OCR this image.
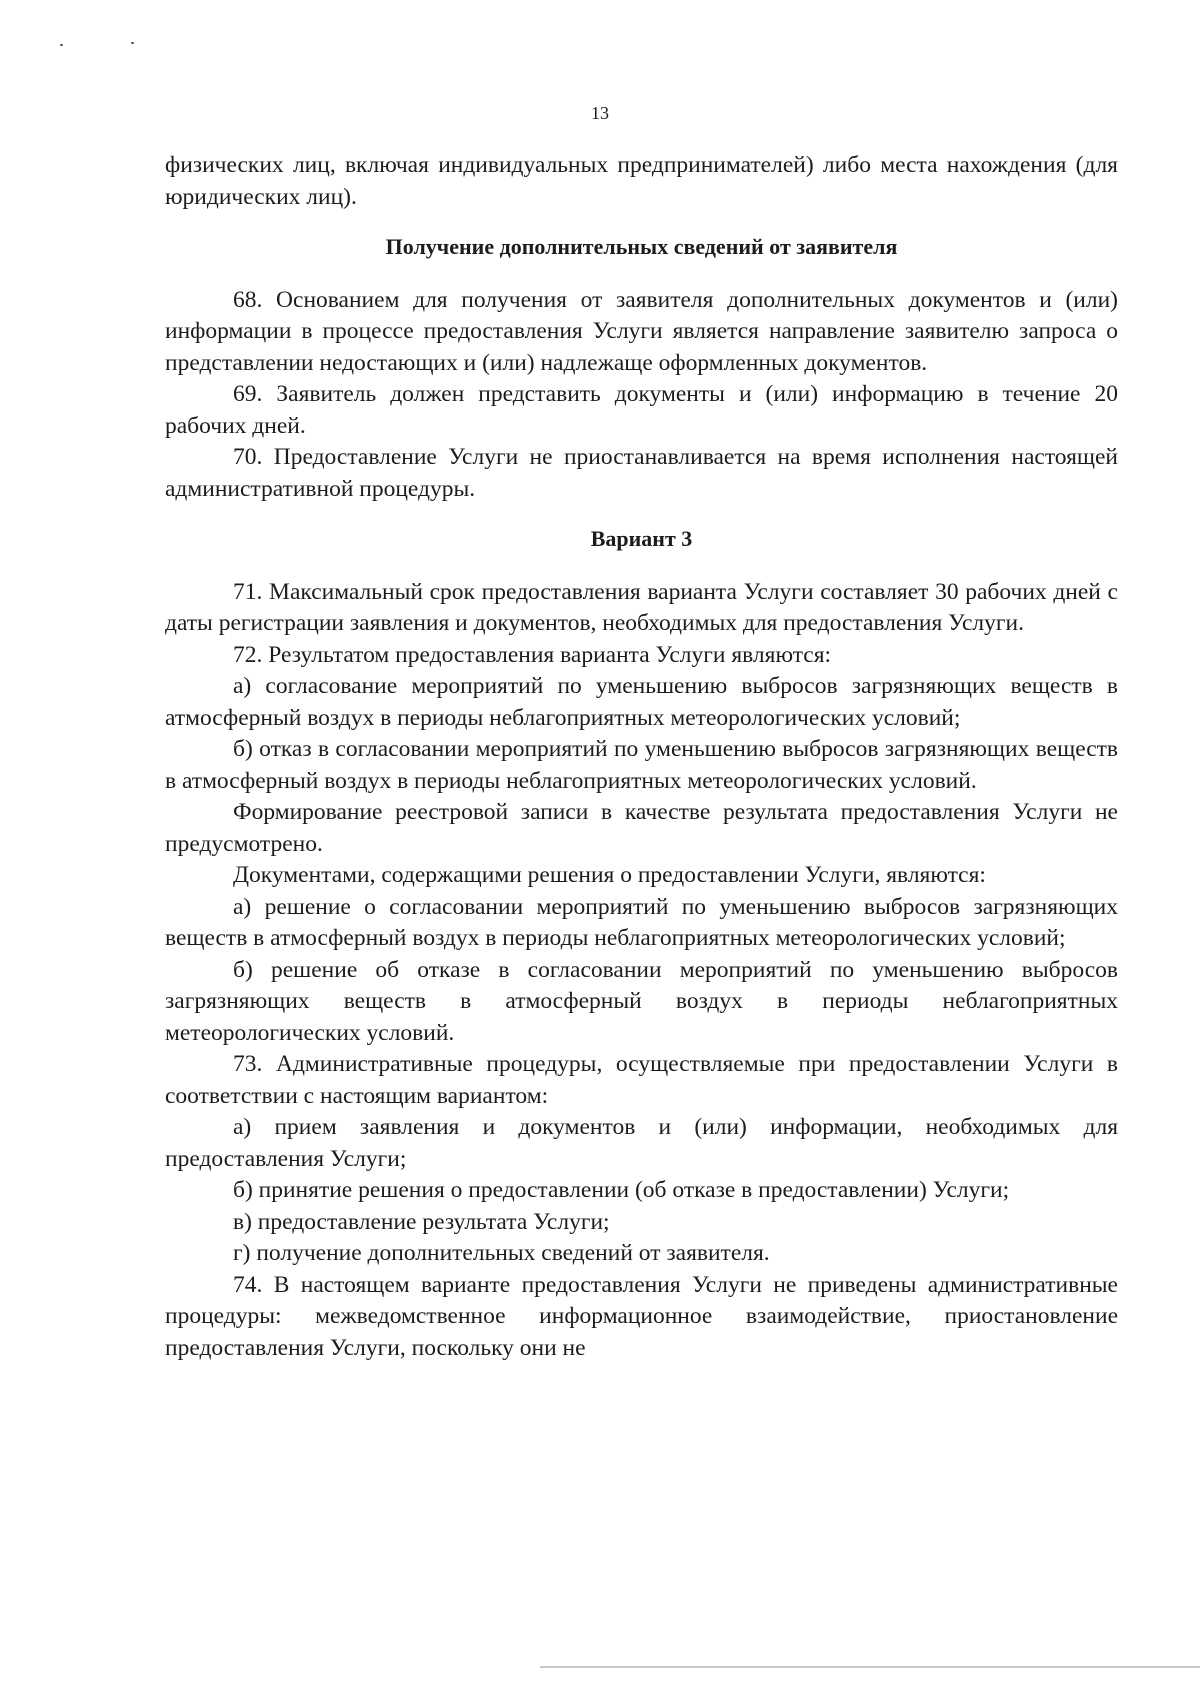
13

физических лиц, включая индивидуальных предпринимателей) либо места нахождения (для юридических лиц).

Получение дополнительных сведений от заявителя

68. Основанием для получения от заявителя дополнительных документов и (или) информации в процессе предоставления Услуги является направление заявителю запроса о представлении недостающих и (или) надлежаще оформленных документов.

69. Заявитель должен представить документы и (или) информацию в течение 20 рабочих дней.

70. Предоставление Услуги не приостанавливается на время исполнения настоящей административной процедуры.

Вариант 3

71. Максимальный срок предоставления варианта Услуги составляет 30 рабочих дней с даты регистрации заявления и документов, необходимых для предоставления Услуги.

72. Результатом предоставления варианта Услуги являются:

а) согласование мероприятий по уменьшению выбросов загрязняющих веществ в атмосферный воздух в периоды неблагоприятных метеорологических условий;

б) отказ в согласовании мероприятий по уменьшению выбросов загрязняющих веществ в атмосферный воздух в периоды неблагоприятных метеорологических условий.

Формирование реестровой записи в качестве результата предоставления Услуги не предусмотрено.

Документами, содержащими решения о предоставлении Услуги, являются:

а) решение о согласовании мероприятий по уменьшению выбросов загрязняющих веществ в атмосферный воздух в периоды неблагоприятных метеорологических условий;

б) решение об отказе в согласовании мероприятий по уменьшению выбросов загрязняющих веществ в атмосферный воздух в периоды неблагоприятных метеорологических условий.

73. Административные процедуры, осуществляемые при предоставлении Услуги в соответствии с настоящим вариантом:

а) прием заявления и документов и (или) информации, необходимых для предоставления Услуги;

б) принятие решения о предоставлении (об отказе в предоставлении) Услуги;

в) предоставление результата Услуги;

г) получение дополнительных сведений от заявителя.

74. В настоящем варианте предоставления Услуги не приведены административные процедуры: межведомственное информационное взаимодействие, приостановление предоставления Услуги, поскольку они не
